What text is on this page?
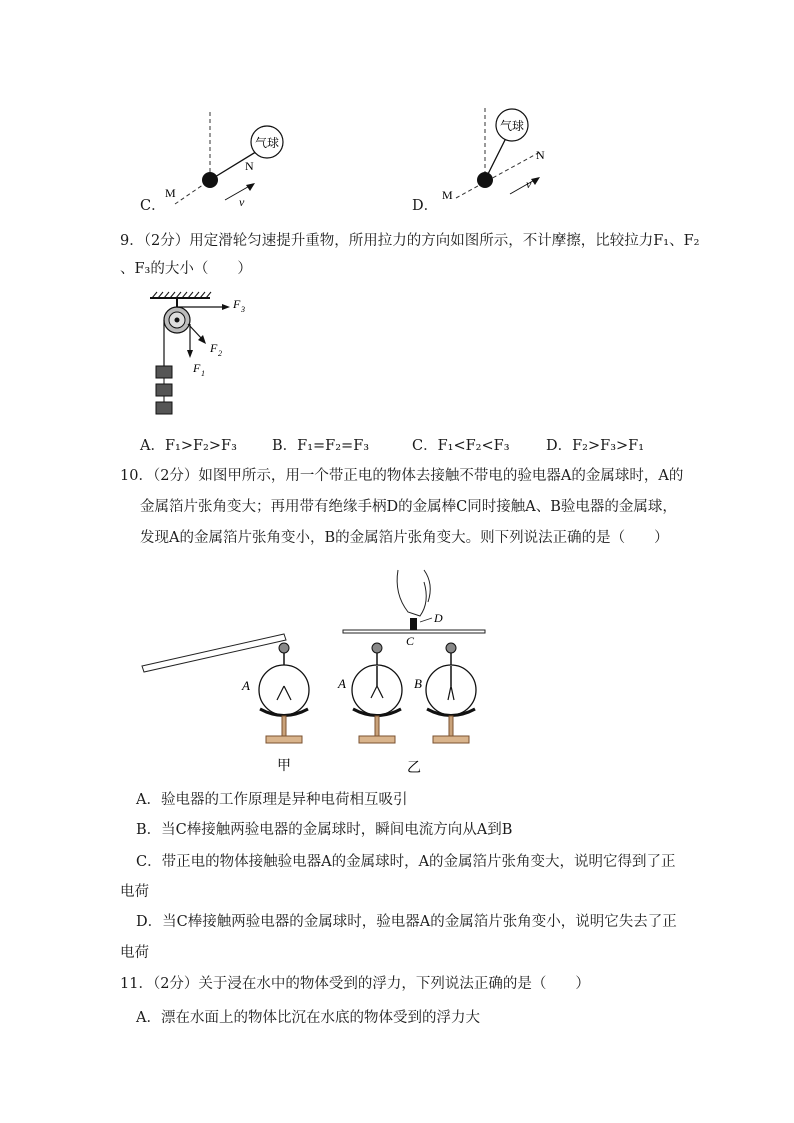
气球
N
M
v
C．
气球
N
M
v
D．
9．（2分）用定滑轮匀速提升重物，所用拉力的方向如图所示，不计摩擦，比较拉力F₁、F₂
、F₃的大小（　　）
F 3
F 2
F 1
A．F₁>F₂>F₃ B．F₁=F₂=F₃	C．F₁<F₂<F₃	D．F₂>F₃>F₁
10．（2分）如图甲所示，用一个带正电的物体去接触不带电的验电器A的金属球时，A的
金属箔片张角变大；再用带有绝缘手柄D的金属棒C同时接触A、B验电器的金属球，
发现A的金属箔片张角变小，B的金属箔片张角变大。则下列说法正确的是（　　）
A
D
C
A	B
甲	乙
A．验电器的工作原理是异种电荷相互吸引
B．当C棒接触两验电器的金属球时，瞬间电流方向从A到B
C．带正电的物体接触验电器A的金属球时，A的金属箔片张角变大，说明它得到了正
电荷
D．当C棒接触两验电器的金属球时，验电器A的金属箔片张角变小，说明它失去了正
电荷
11．（2分）关于浸在水中的物体受到的浮力，下列说法正确的是（　　）
A．漂在水面上的物体比沉在水底的物体受到的浮力大
